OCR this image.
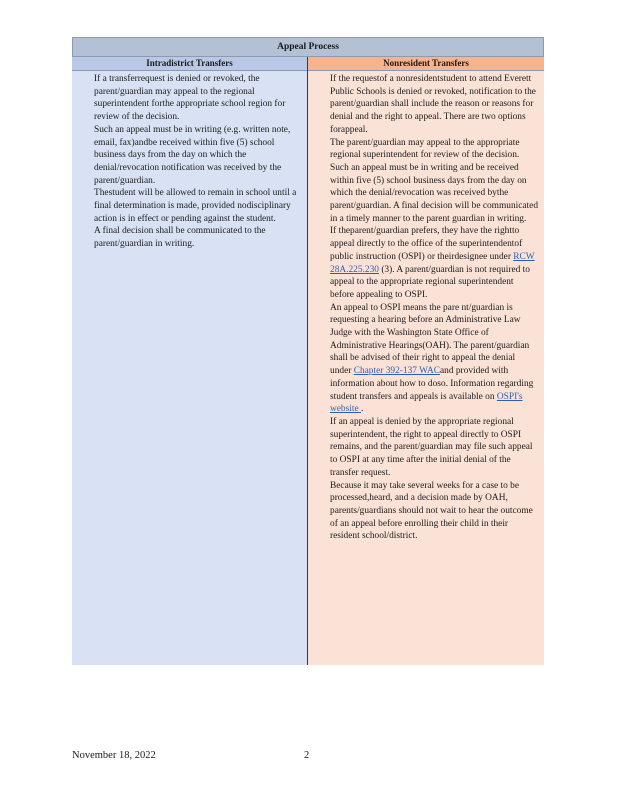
Appeal Process
Intradistrict Transfers
If a transferrequest is denied or revoked, the parent/guardian may appeal to the regional superintendent forthe appropriate school region for review of the decision.
Such an appeal must be in writing (e.g. written note, email, fax)andbe received within five (5) school business days from the day on which the denial/revocation notification was received by the parent/guardian.
Thestudent will be allowed to remain in school until a final determination is made, provided nodisciplinary action is in effect or pending against the student.
A final decision shall be communicated to the parent/guardian in writing.
Nonresident Transfers
If the requestof a nonresidentstudent to attend Everett Public Schools is denied or revoked, notification to the parent/guardian shall include the reason or reasons for denial and the right to appeal. There are two options forappeal.
The parent/guardian may appeal to the appropriate regional superintendent for review of the decision. Such an appeal must be in writing and be received within five (5) school business days from the day on which the denial/revocation was received bythe parent/guardian. A final decision will be communicated in a timely manner to the parent guardian in writing.
If theparent/guardian prefers, they have the rightto appeal directly to the office of the superintendentof public instruction (OSPI) or theirdesignee under RCW 28A.225.230 (3). A parent/guardian is not required to appeal to the appropriate regional superintendent before appealing to OSPI.
An appeal to OSPI means the pare nt/guardian is requesting a hearing before an Administrative Law Judge with the Washington State Office of Administrative Hearings(OAH). The parent/guardian shall be advised of their right to appeal the denial under Chapter 392-137 WACand provided with information about how to doso. Information regarding student transfers and appeals is available on OSPI's website .
If an appeal is denied by the appropriate regional superintendent, the right to appeal directly to OSPI remains, and the parent/guardian may file such appeal to OSPI at any time after the initial denial of the transfer request.
Because it may take several weeks for a case to be processed,heard, and a decision made by OAH, parents/guardians should not wait to hear the outcome of an appeal before enrolling their child in their resident school/district.
November 18, 2022	2
